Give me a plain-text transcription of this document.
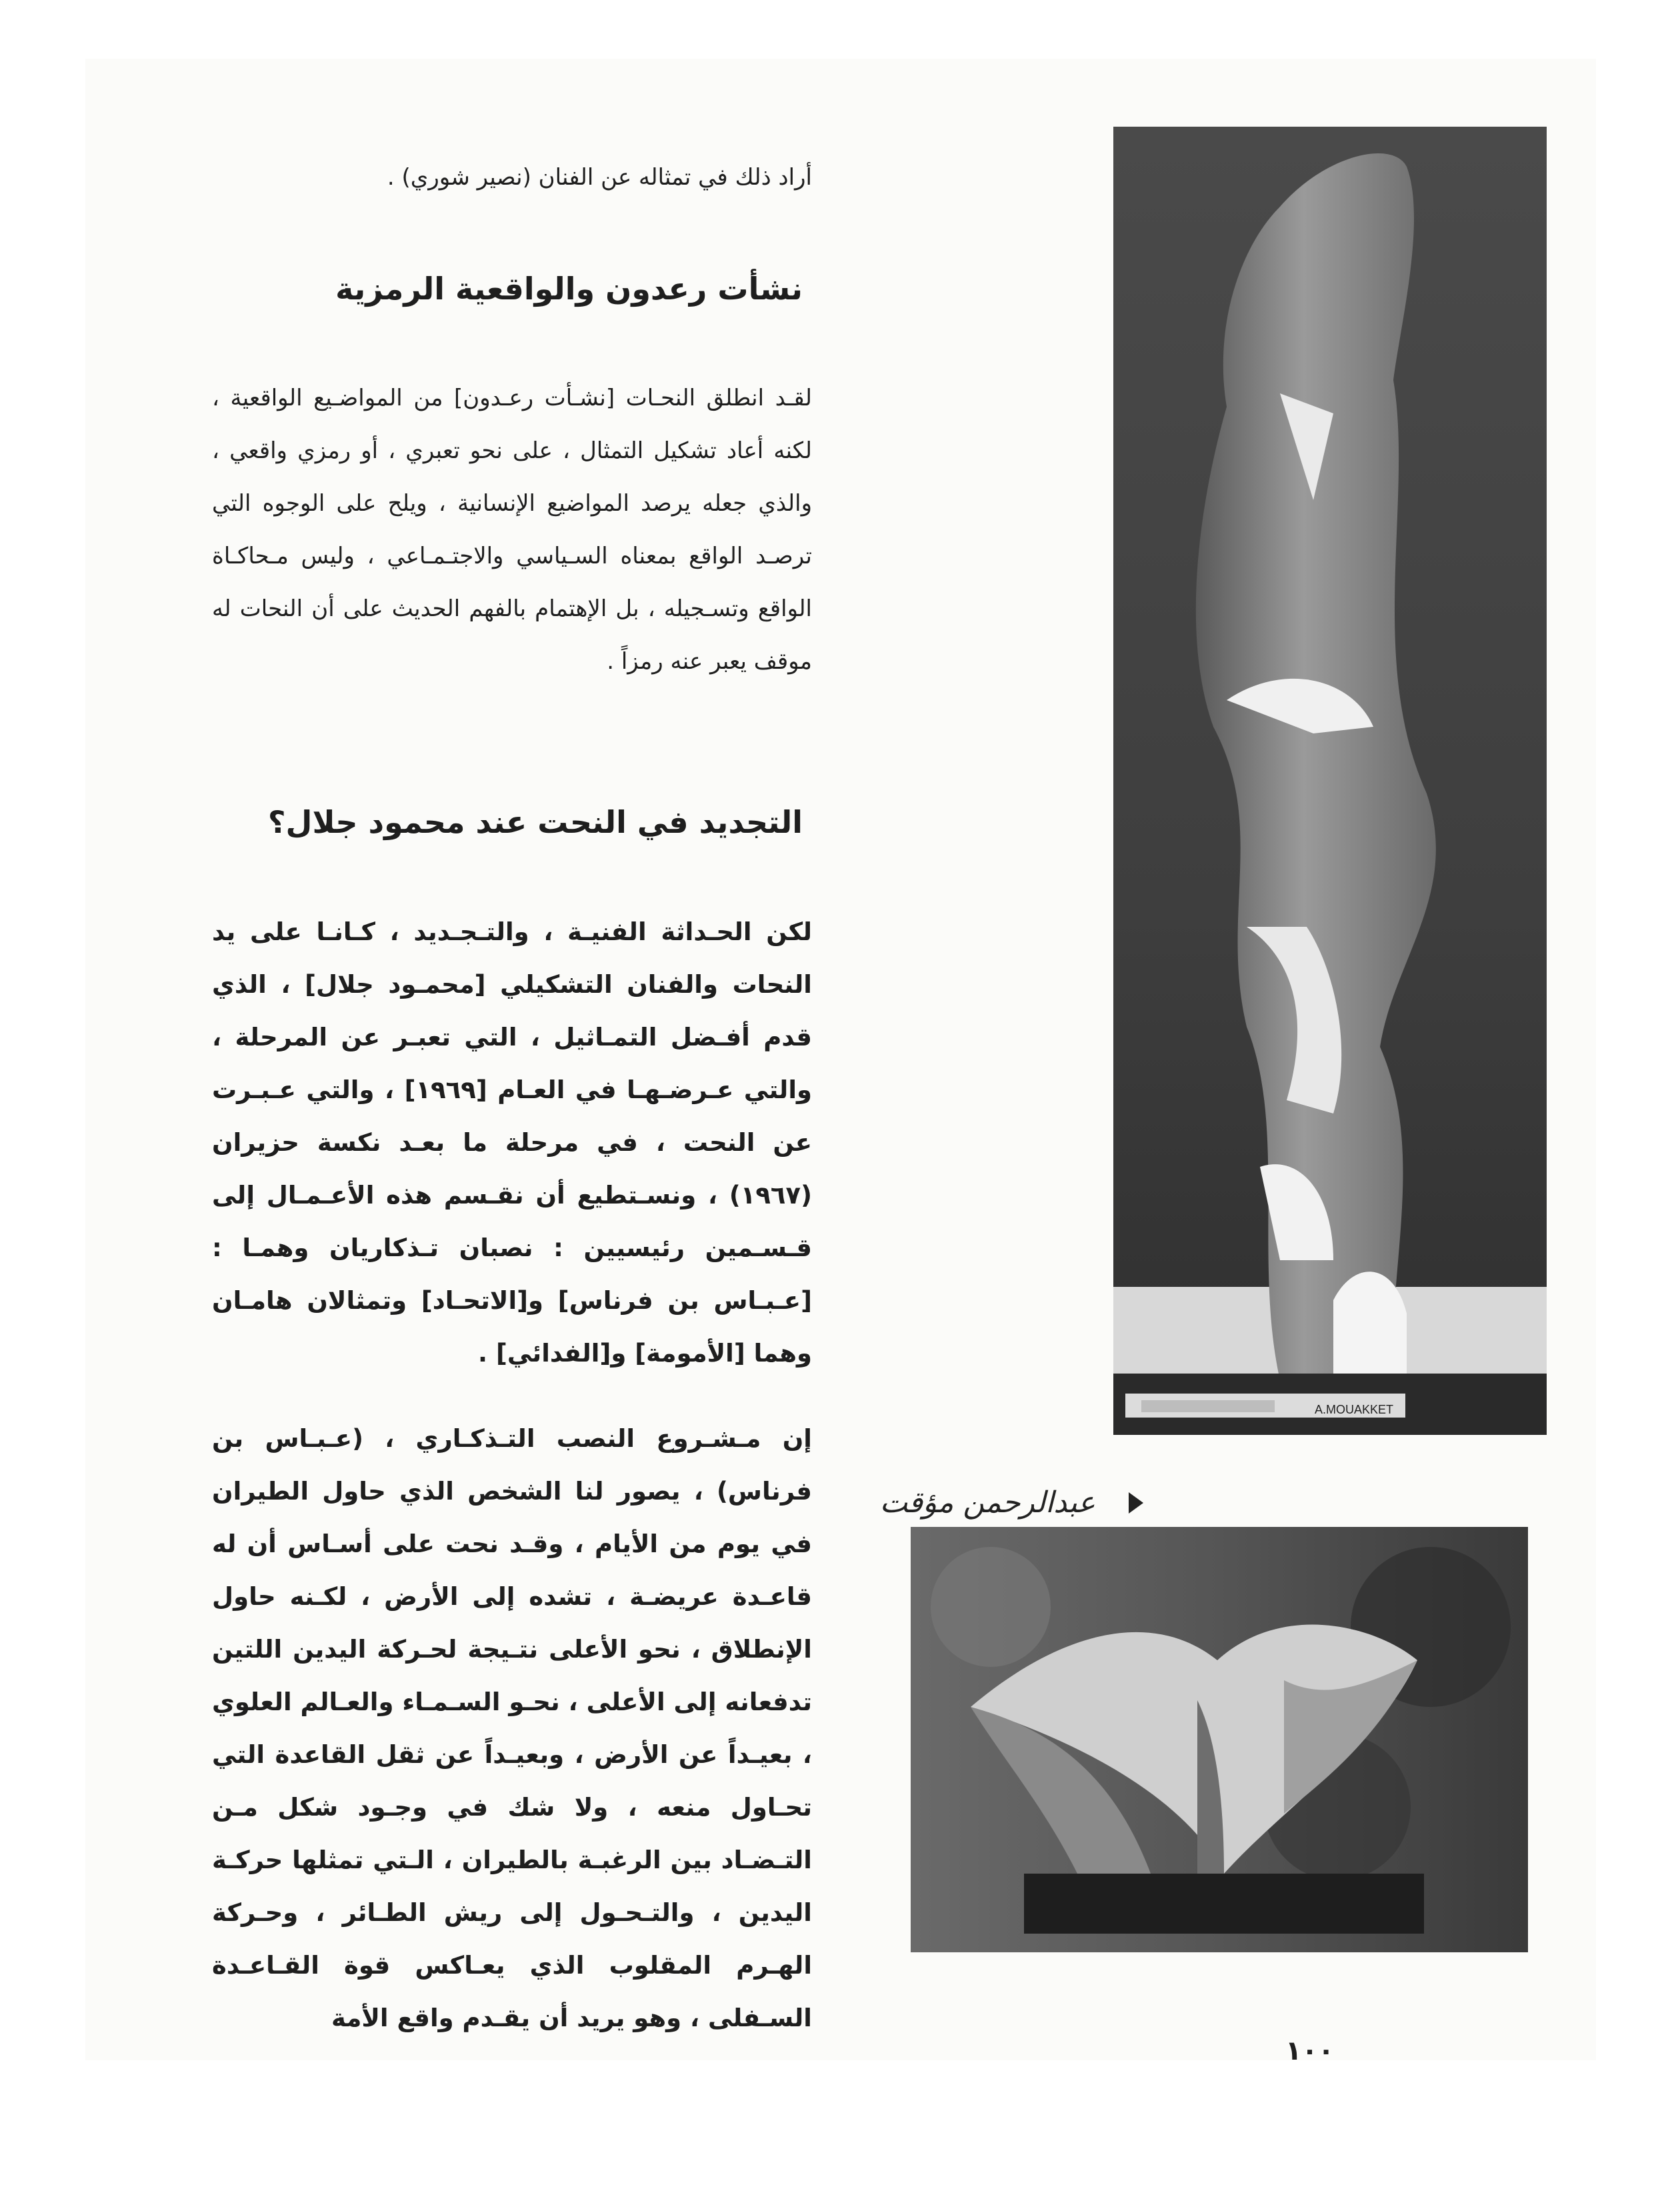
أراد ذلك في تمثاله عن الفنان (نصير شوري) .
نشأت رعدون والواقعية الرمزية

لقـد انطلق النحـات [نشـأت رعـدون] من المواضـيع الواقعية ، لكنه أعاد تشكيل التمثال ، على نحو تعبري ، أو رمزي واقعي ، والذي جعله يرصد المواضيع الإنسانية ، ويلح على الوجوه التي ترصـد الواقع بمعناه السـياسي والاجتـمـاعي ، وليس مـحاكـاة الواقع وتسـجيله ، بل الإهتمام بالفهم الحديث على أن النحات له موقف يعبر عنه رمزاً .

التجديد في النحت عند محمود جلال؟

لكن الحـداثة الفنيـة ، والتـجـديد ، كـانـا على يد النحات والفنان التشكيلي [محمـود جلال] ، الذي قدم أفـضل التمـاثيل ، التي تعبـر عن المرحلة ، والتي عـرضـهـا في العـام [١٩٦٩] ، والتي عـبـرت عن النحت ، في مرحلة ما بعـد نكسة حزيران (١٩٦٧) ، ونسـتطيع أن نقـسم هذه الأعـمـال إلى قـسـمين رئيسيين : نصبان تـذكاريان وهمـا : [عـبـاس بن فرناس] و[الاتحـاد] وتمثالان هامـان وهما [الأمومة] و[الفدائي] .

إن مـشـروع النصب التـذكـاري ، (عـبـاس بن فرناس) ، يصور لنا الشخص الذي حاول الطيران في يوم من الأيام ، وقـد نحت على أسـاس أن له قاعـدة عريضـة ، تشده إلى الأرض ، لكـنه حاول الإنطلاق ، نحو الأعلى نتـيجة لحـركة اليدين اللتين تدفعانه إلى الأعلى ، نحـو السـمـاء والعـالم العلوي ، بعيـداً عن الأرض ، وبعيـداً عن ثقل القاعدة التي تحـاول منعه ، ولا شك في وجـود شكل مـن التـضـاد بين الرغبـة بالطيران ، الـتي تمثلها حركـة اليدين ، والتـحـول إلى ريش الطـائر ، وحـركة الهـرم المقلوب الذي يعـاكس قوة القـاعـدة السـفلى ، وهو يريد أن يقـدم واقع الأمة

A.MOUAKKET
عبدالرحمن مؤقت
١٠٠
